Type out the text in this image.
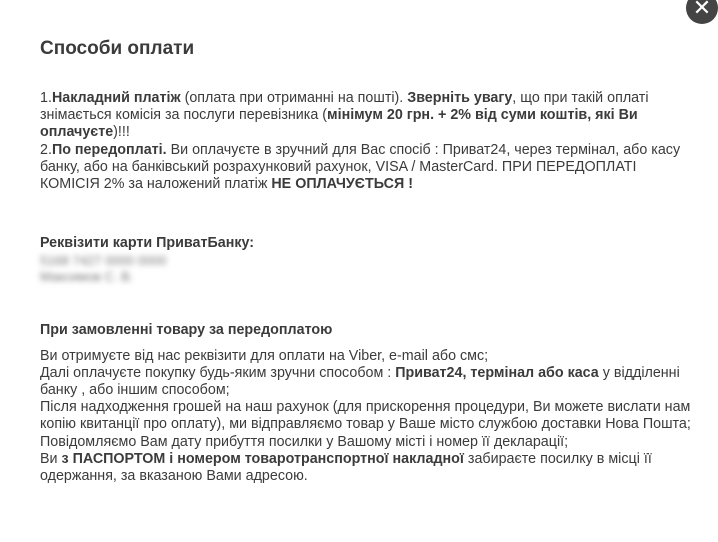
✕
Способи оплати

1.Накладний платіж (оплата при отриманні на пошті). Зверніть увагу, що при такій оплаті знімається комісія за послуги перевізника (мінімум 20 грн. + 2% від суми коштів, які Ви оплачуєте)!!!

2.По передоплаті. Ви оплачуєте в зручний для Вас спосіб : Приват24, через термінал, або касу банку, або на банківський розрахунковий рахунок, VISA / MasterCard. ПРИ ПЕРЕДОПЛАТІ КОМІСІЯ 2% за наложений платіж НЕ ОПЛАЧУЄТЬСЯ !

Реквізити карти ПриватБанку:
5168 7427 0000 0000
Максимов С. В.
При замовленні товару за передоплатою

Ви отримуєте від нас реквізити для оплати на Viber, e-mail або смс;

Далі оплачуєте покупку будь-яким зручни способом : Приват24, термінал або каса у відділенні банку , або іншим способом;

Після надходження грошей на наш рахунок (для прискорення процедури, Ви можете вислати нам копію квитанції про оплату), ми відправляємо товар у Ваше місто службою доставки Нова Пошта;

Повідомляємо Вам дату прибуття посилки у Вашому місті і номер її декларації;

Ви з ПАСПОРТОМ і номером товаротранспортної накладної забираєте посилку в місці її одержання, за вказаною Вами адресою.
